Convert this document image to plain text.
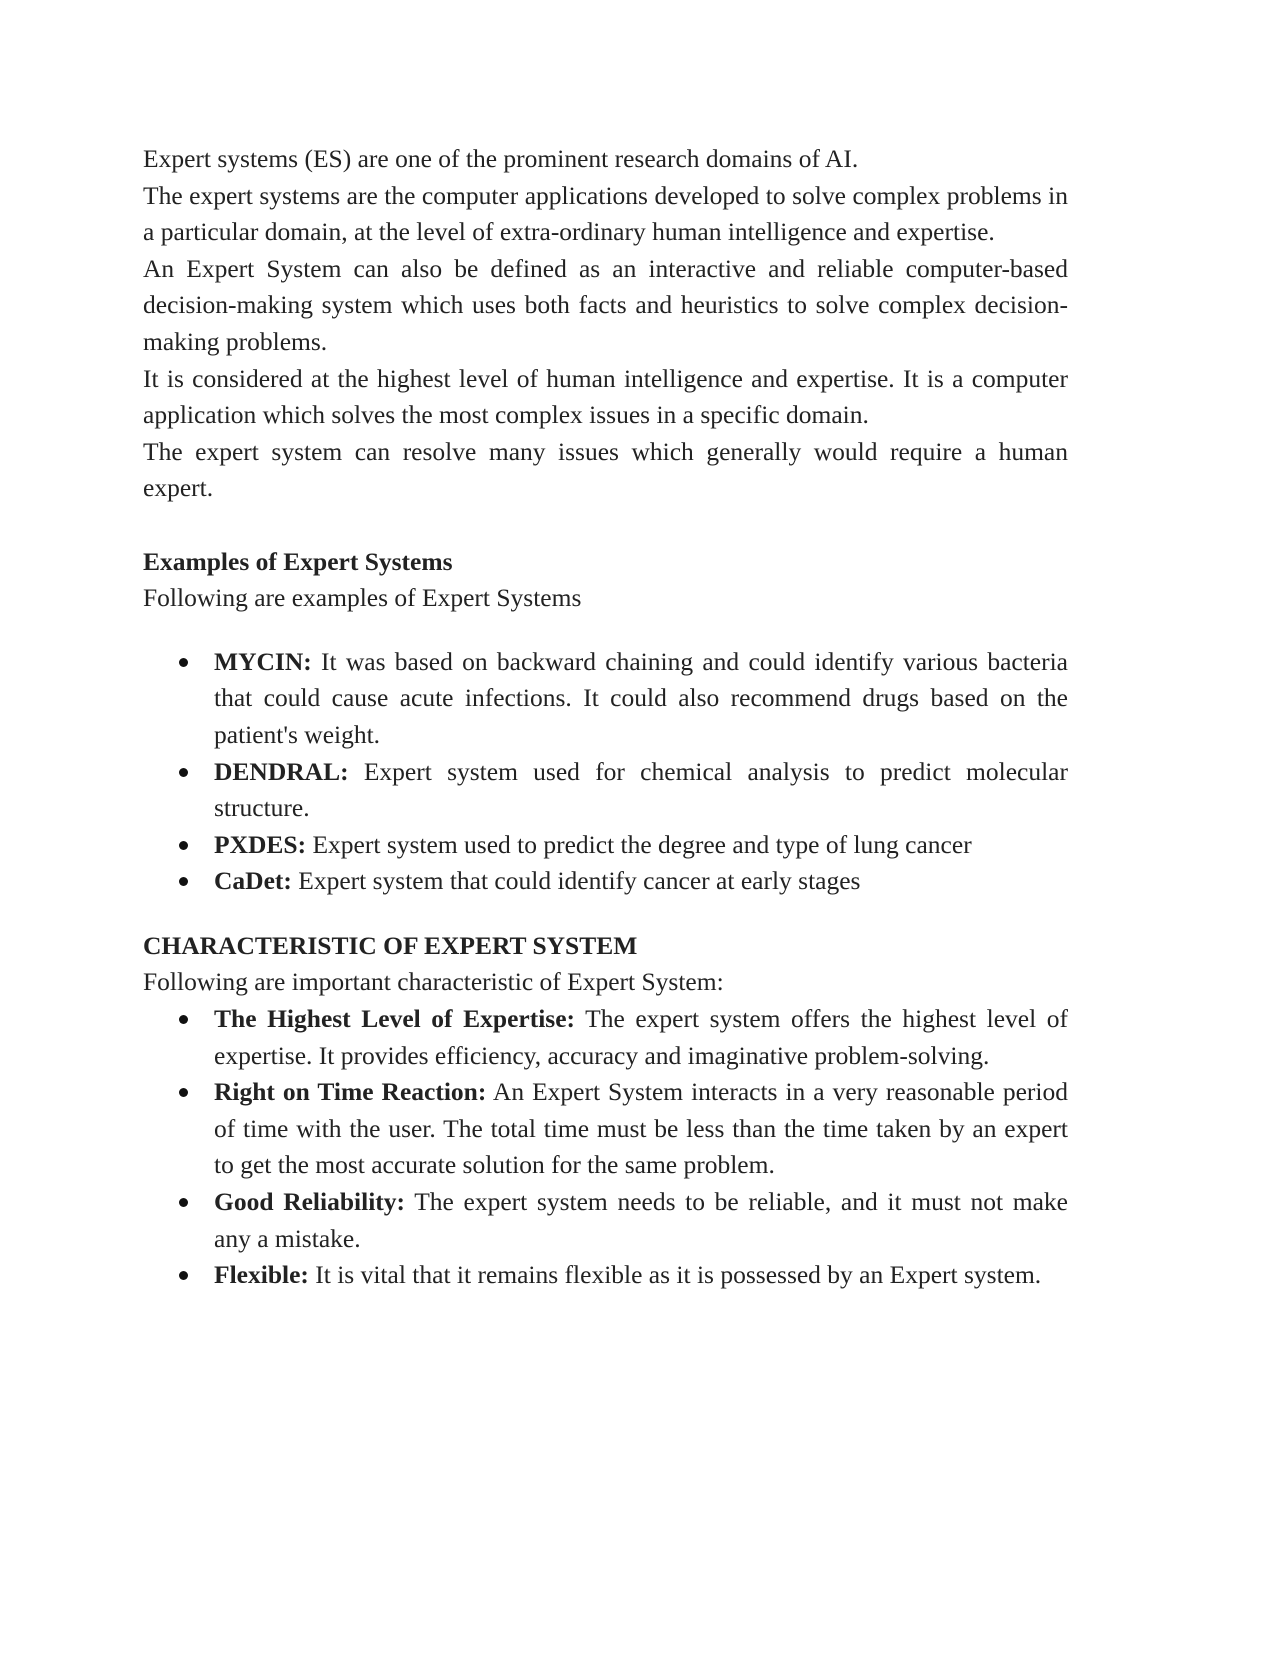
Expert systems (ES) are one of the prominent research domains of AI.

The expert systems are the computer applications developed to solve complex problems in a particular domain, at the level of extra-ordinary human intelligence and expertise.

An Expert System can also be defined as an interactive and reliable computer-based decision-making system which uses both facts and heuristics to solve complex decision-making problems.

It is considered at the highest level of human intelligence and expertise. It is a computer application which solves the most complex issues in a specific domain.

The expert system can resolve many issues which generally would require a human expert.

Examples of Expert Systems

Following are examples of Expert Systems

MYCIN: It was based on backward chaining and could identify various bacteria that could cause acute infections. It could also recommend drugs based on the patient's weight.
DENDRAL: Expert system used for chemical analysis to predict molecular structure.
PXDES: Expert system used to predict the degree and type of lung cancer
CaDet: Expert system that could identify cancer at early stages

CHARACTERISTIC OF EXPERT SYSTEM

Following are important characteristic of Expert System:

The Highest Level of Expertise: The expert system offers the highest level of expertise. It provides efficiency, accuracy and imaginative problem-solving.
Right on Time Reaction: An Expert System interacts in a very reasonable period of time with the user. The total time must be less than the time taken by an expert to get the most accurate solution for the same problem.
Good Reliability: The expert system needs to be reliable, and it must not make any a mistake.
Flexible: It is vital that it remains flexible as it is possessed by an Expert system.
